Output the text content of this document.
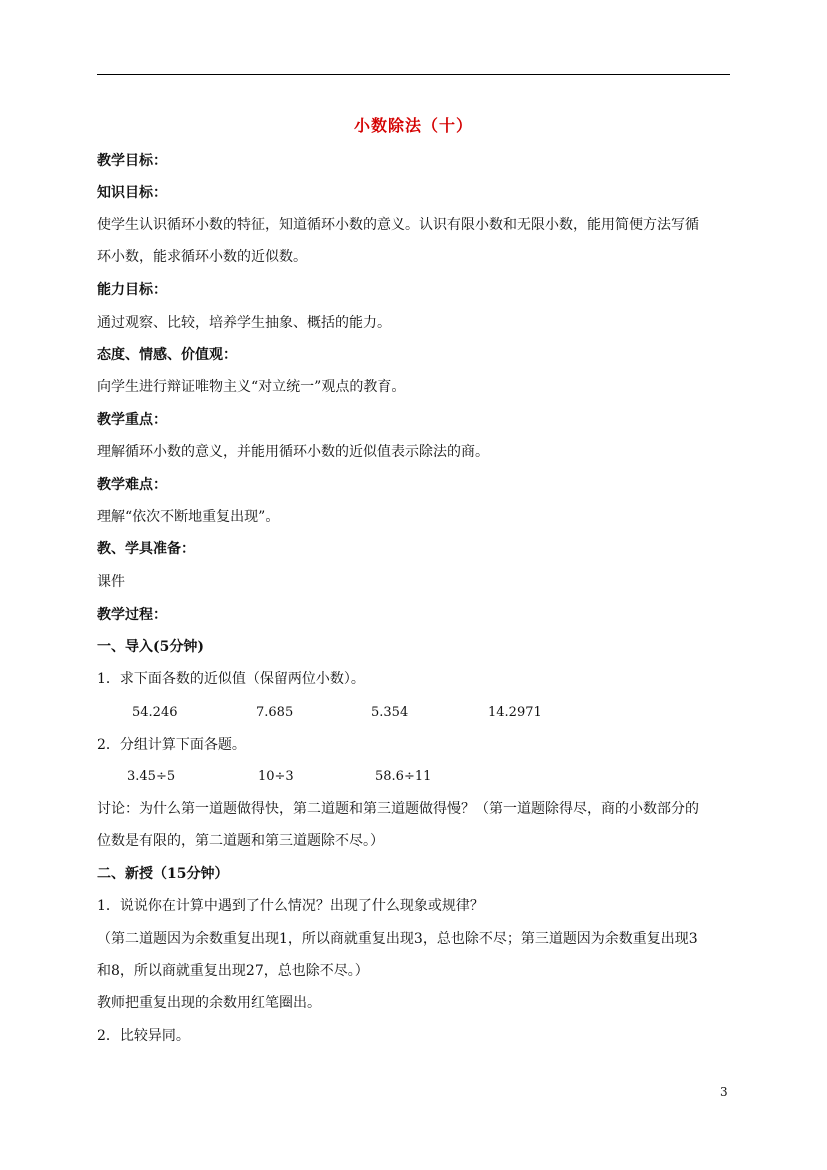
小数除法（十）
教学目标：
知识目标：
使学生认识循环小数的特征，知道循环小数的意义。认识有限小数和无限小数，能用简便方法写循
环小数，能求循环小数的近似数。
能力目标：
通过观察、比较，培养学生抽象、概括的能力。
态度、情感、价值观：
向学生进行辩证唯物主义“对立统一”观点的教育。
教学重点：
理解循环小数的意义，并能用循环小数的近似值表示除法的商。
教学难点：
理解“依次不断地重复出现”。
教、学具准备：
课件
教学过程：
一、导入(5分钟)
1．求下面各数的近似值（保留两位小数）。
54.246	7.685	5.354	14.2971
2．分组计算下面各题。
3.45÷5	10÷3	58.6÷11
讨论：为什么第一道题做得快，第二道题和第三道题做得慢？（第一道题除得尽，商的小数部分的
位数是有限的，第二道题和第三道题除不尽。）
二、新授（15分钟）
1．说说你在计算中遇到了什么情况？出现了什么现象或规律？
（第二道题因为余数重复出现1，所以商就重复出现3，总也除不尽；第三道题因为余数重复出现3
和8，所以商就重复出现27，总也除不尽。）
教师把重复出现的余数用红笔圈出。
2．比较异同。
3
